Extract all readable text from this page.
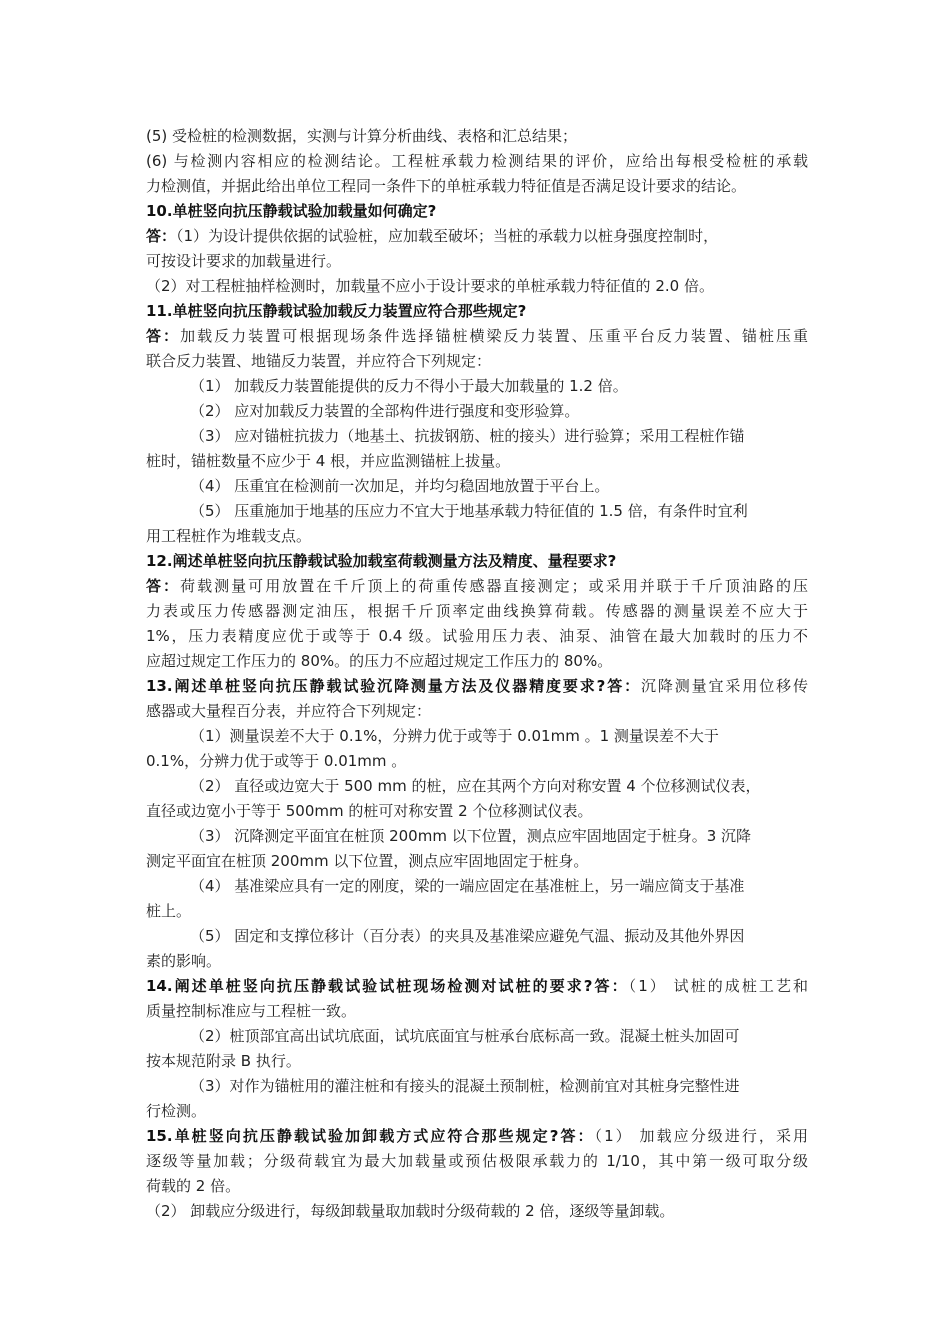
(5) 受检桩的检测数据，实测与计算分析曲线、表格和汇总结果；
(6) 与检测内容相应的检测结论。工程桩承载力检测结果的评价，应给出每根受检桩的承载
力检测值，并据此给出单位工程同一条件下的单桩承载力特征值是否满足设计要求的结论。
10.单桩竖向抗压静载试验加载量如何确定?
答：（1）为设计提供依据的试验桩，应加载至破坏；当桩的承载力以桩身强度控制时，
可按设计要求的加载量进行。
（2）对工程桩抽样检测时，加载量不应小于设计要求的单桩承载力特征值的 2.0 倍。
11.单桩竖向抗压静载试验加载反力装置应符合那些规定?
答：加载反力装置可根据现场条件选择锚桩横梁反力装置、压重平台反力装置、锚桩压重
联合反力装置、地锚反力装置，并应符合下列规定：
（1） 加载反力装置能提供的反力不得小于最大加载量的 1.2 倍。
（2） 应对加载反力装置的全部构件进行强度和变形验算。
（3） 应对锚桩抗拔力（地基土、抗拔钢筋、桩的接头）进行验算；采用工程桩作锚
桩时，锚桩数量不应少于 4 根，并应监测锚桩上拔量。
（4） 压重宜在检测前一次加足，并均匀稳固地放置于平台上。
（5） 压重施加于地基的压应力不宜大于地基承载力特征值的 1.5 倍，有条件时宜利
用工程桩作为堆载支点。
12.阐述单桩竖向抗压静载试验加载室荷载测量方法及精度、量程要求?
答：荷载测量可用放置在千斤顶上的荷重传感器直接测定；或采用并联于千斤顶油路的压
力表或压力传感器测定油压，根据千斤顶率定曲线换算荷载。传感器的测量误差不应大于
1%，压力表精度应优于或等于 0.4 级。试验用压力表、油泵、油管在最大加载时的压力不
应超过规定工作压力的 80%。的压力不应超过规定工作压力的 80%。
13.阐述单桩竖向抗压静载试验沉降测量方法及仪器精度要求?答：沉降测量宜采用位移传
感器或大量程百分表，并应符合下列规定：
（1）测量误差不大于 0.1%，分辨力优于或等于 0.01mm 。1 测量误差不大于
0.1%，分辨力优于或等于 0.01mm 。
（2） 直径或边宽大于 500 mm 的桩，应在其两个方向对称安置 4 个位移测试仪表，
直径或边宽小于等于 500mm 的桩可对称安置 2 个位移测试仪表。
（3） 沉降测定平面宜在桩顶 200mm 以下位置，测点应牢固地固定于桩身。3 沉降
测定平面宜在桩顶 200mm 以下位置，测点应牢固地固定于桩身。
（4） 基准梁应具有一定的刚度，梁的一端应固定在基准桩上，另一端应简支于基准
桩上。
（5） 固定和支撑位移计（百分表）的夹具及基准梁应避免气温、振动及其他外界因
素的影响。
14.阐述单桩竖向抗压静载试验试桩现场检测对试桩的要求?答：（1） 试桩的成桩工艺和
质量控制标准应与工程桩一致。
（2）桩顶部宜高出试坑底面，试坑底面宜与桩承台底标高一致。混凝土桩头加固可
按本规范附录 B 执行。
（3）对作为锚桩用的灌注桩和有接头的混凝土预制桩，检测前宜对其桩身完整性进
行检测。
15.单桩竖向抗压静载试验加卸载方式应符合那些规定?答：（1） 加载应分级进行，采用
逐级等量加载；分级荷载宜为最大加载量或预估极限承载力的 1/10，其中第一级可取分级
荷载的 2 倍。
（2） 卸载应分级进行，每级卸载量取加载时分级荷载的 2 倍，逐级等量卸载。
